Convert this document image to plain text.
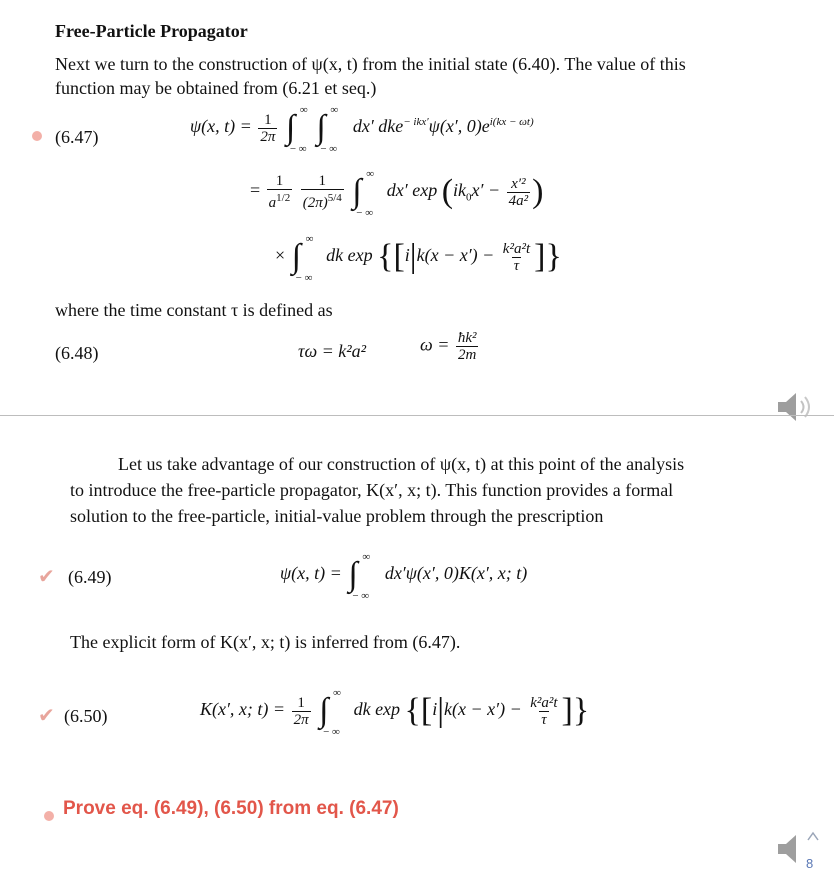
Free-Particle Propagator
Next we turn to the construction of ψ(x, t) from the initial state (6.40). The value of this
function may be obtained from (6.21 et seq.)
(6.47)
ψ(x, $t) = \frac{1}{2\pi}$ ∫ ∞
− ∞
∫ ∞
− ∞
dx′ dke$^{- ikx'}$ψ(x′, $0)e^{i(kx - \omega t)}$
= $\frac{1}{a^{1/2}}$
$\frac{1}{(2\pi)^{5/4}}$ ∫ ∞
− ∞
dx′ $\exp (ik_0x' - \frac{\text{x′²}}{\text{4a²}}$ )
× ∫ ∞
− ∞
dk $\exp \{[i|k(x - x') - \frac{\text{k²a²t}}{\tau}$ ]}
where the time constant τ is defined as
(6.48)	τω = k²a²	$\omega = \frac{\text{ħk²}}{2m}$
Let us take advantage of our construction of ψ(x, t) at this point of the analysis
to introduce the free-particle propagator, K(x′, x; t). This function provides a formal
solution to the free-particle, initial-value problem through the prescription
✔ (6.49)	ψ(x, t) = ∫ ∞
− ∞
dx′ψ(x′, 0)K(x′, x; t)
The explicit form of K(x′, x; t) is inferred from (6.47).
✔ (6.50)	K(x′, x; $t) = \frac{1}{2\pi}$ ∫ ∞
− ∞
dk $\exp \{[i|k(x - x') - \frac{\text{k²a²t}}{\tau}$ ]}
Prove eq. (6.49), (6.50) from eq. (6.47)
8
